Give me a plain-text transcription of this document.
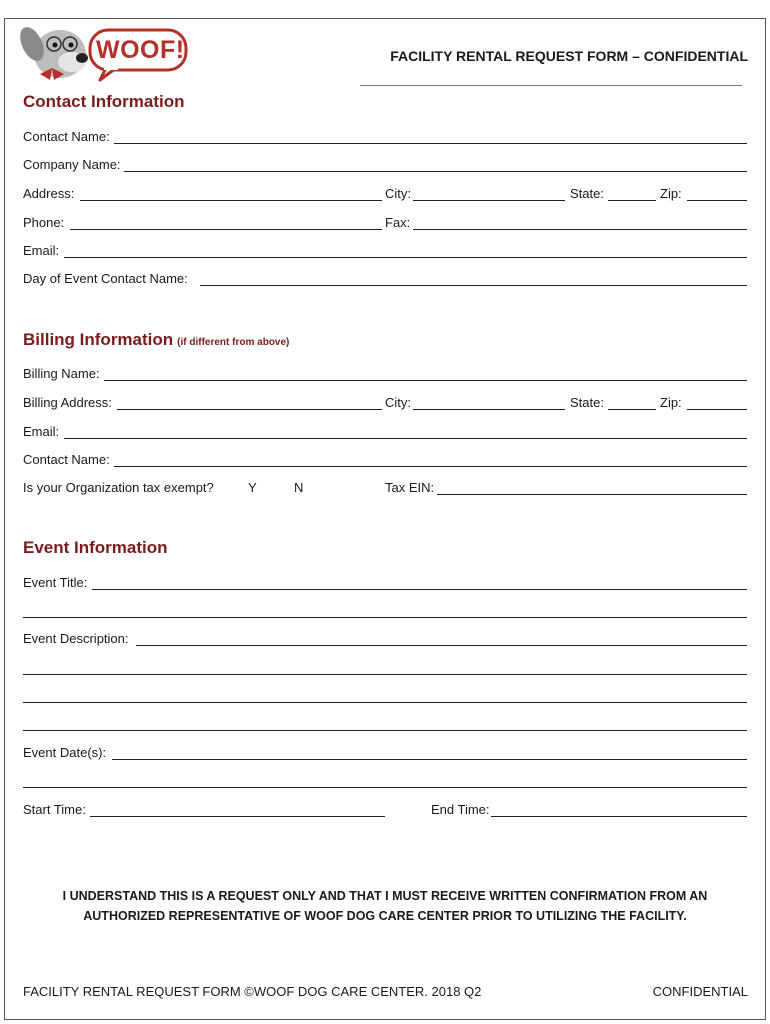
WOOF!	FACILITY RENTAL REQUEST FORM – CONFIDENTIAL
Contact Information
Contact Name:
Company Name:
Address:	City:	State:	Zip:
Phone:	Fax:
Email:
Day of Event Contact Name:
Billing Information (if different from above)
Billing Name:
Billing Address:	City:	State:	Zip:
Email:
Contact Name:
Is your Organization tax exempt?	Y	N	Tax EIN:
Event Information
Event Title:
Event Description:
Event Date(s):
Start Time:	End Time:
I UNDERSTAND THIS IS A REQUEST ONLY AND THAT I MUST RECEIVE WRITTEN CONFIRMATION FROM AN
AUTHORIZED REPRESENTATIVE OF WOOF DOG CARE CENTER PRIOR TO UTILIZING THE FACILITY.
FACILITY RENTAL REQUEST FORM ©WOOF DOG CARE CENTER. 2018 Q2	CONFIDENTIAL
